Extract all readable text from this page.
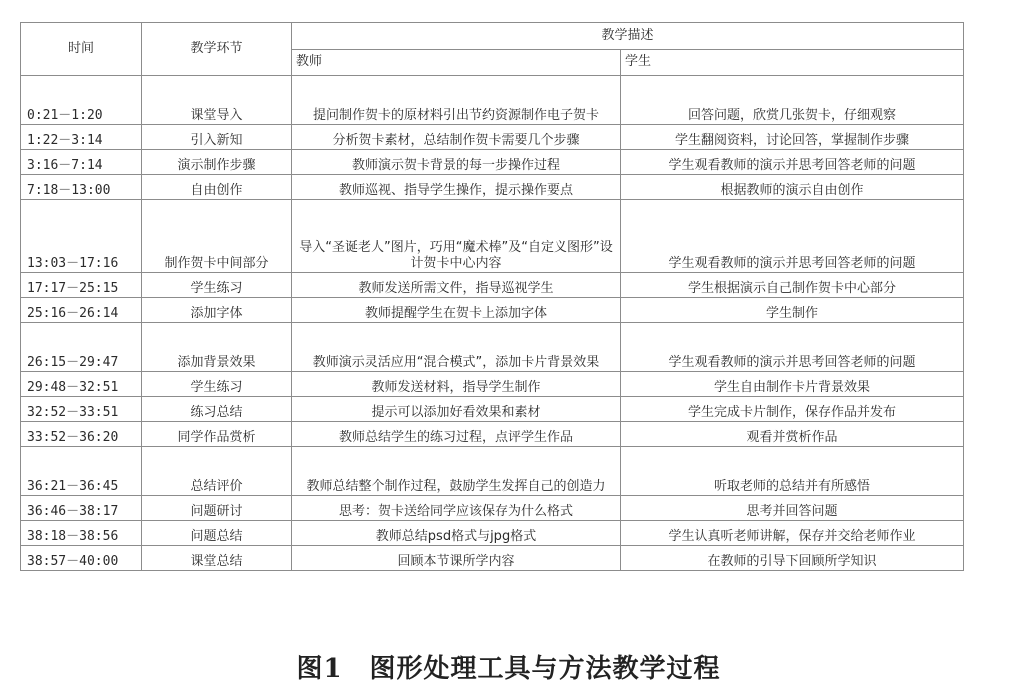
时间	教学环节	教学描述	
		教师	学生
0:21－1:20	课堂导入	提问制作贺卡的原材料引出节约资源制作电子贺卡	回答问题，欣赏几张贺卡，仔细观察
1:22－3:14	引入新知	分析贺卡素材，总结制作贺卡需要几个步骤	学生翻阅资料，讨论回答，掌握制作步骤
3:16－7:14	演示制作步骤	教师演示贺卡背景的每一步操作过程	学生观看教师的演示并思考回答老师的问题
7:18－13:00	自由创作	教师巡视、指导学生操作，提示操作要点	根据教师的演示自由创作
13:03－17:16	制作贺卡中间部分	导入“圣诞老人”图片，巧用“魔术棒”及“自定义图形”设计贺卡中心内容	学生观看教师的演示并思考回答老师的问题
17:17－25:15	学生练习	教师发送所需文件，指导巡视学生	学生根据演示自己制作贺卡中心部分
25:16－26:14	添加字体	教师提醒学生在贺卡上添加字体	学生制作
26:15－29:47	添加背景效果	教师演示灵活应用“混合模式”，添加卡片背景效果	学生观看教师的演示并思考回答老师的问题
29:48－32:51	学生练习	教师发送材料，指导学生制作	学生自由制作卡片背景效果
32:52－33:51	练习总结	提示可以添加好看效果和素材	学生完成卡片制作，保存作品并发布
33:52－36:20	同学作品赏析	教师总结学生的练习过程，点评学生作品	观看并赏析作品
36:21－36:45	总结评价	教师总结整个制作过程，鼓励学生发挥自己的创造力	听取老师的总结并有所感悟
36:46－38:17	问题研讨	思考：贺卡送给同学应该保存为什么格式	思考并回答问题
38:18－38:56	问题总结	教师总结psd格式与jpg格式	学生认真听老师讲解，保存并交给老师作业
38:57－40:00	课堂总结	回顾本节课所学内容	在教师的引导下回顾所学知识
图1　图形处理工具与方法教学过程
